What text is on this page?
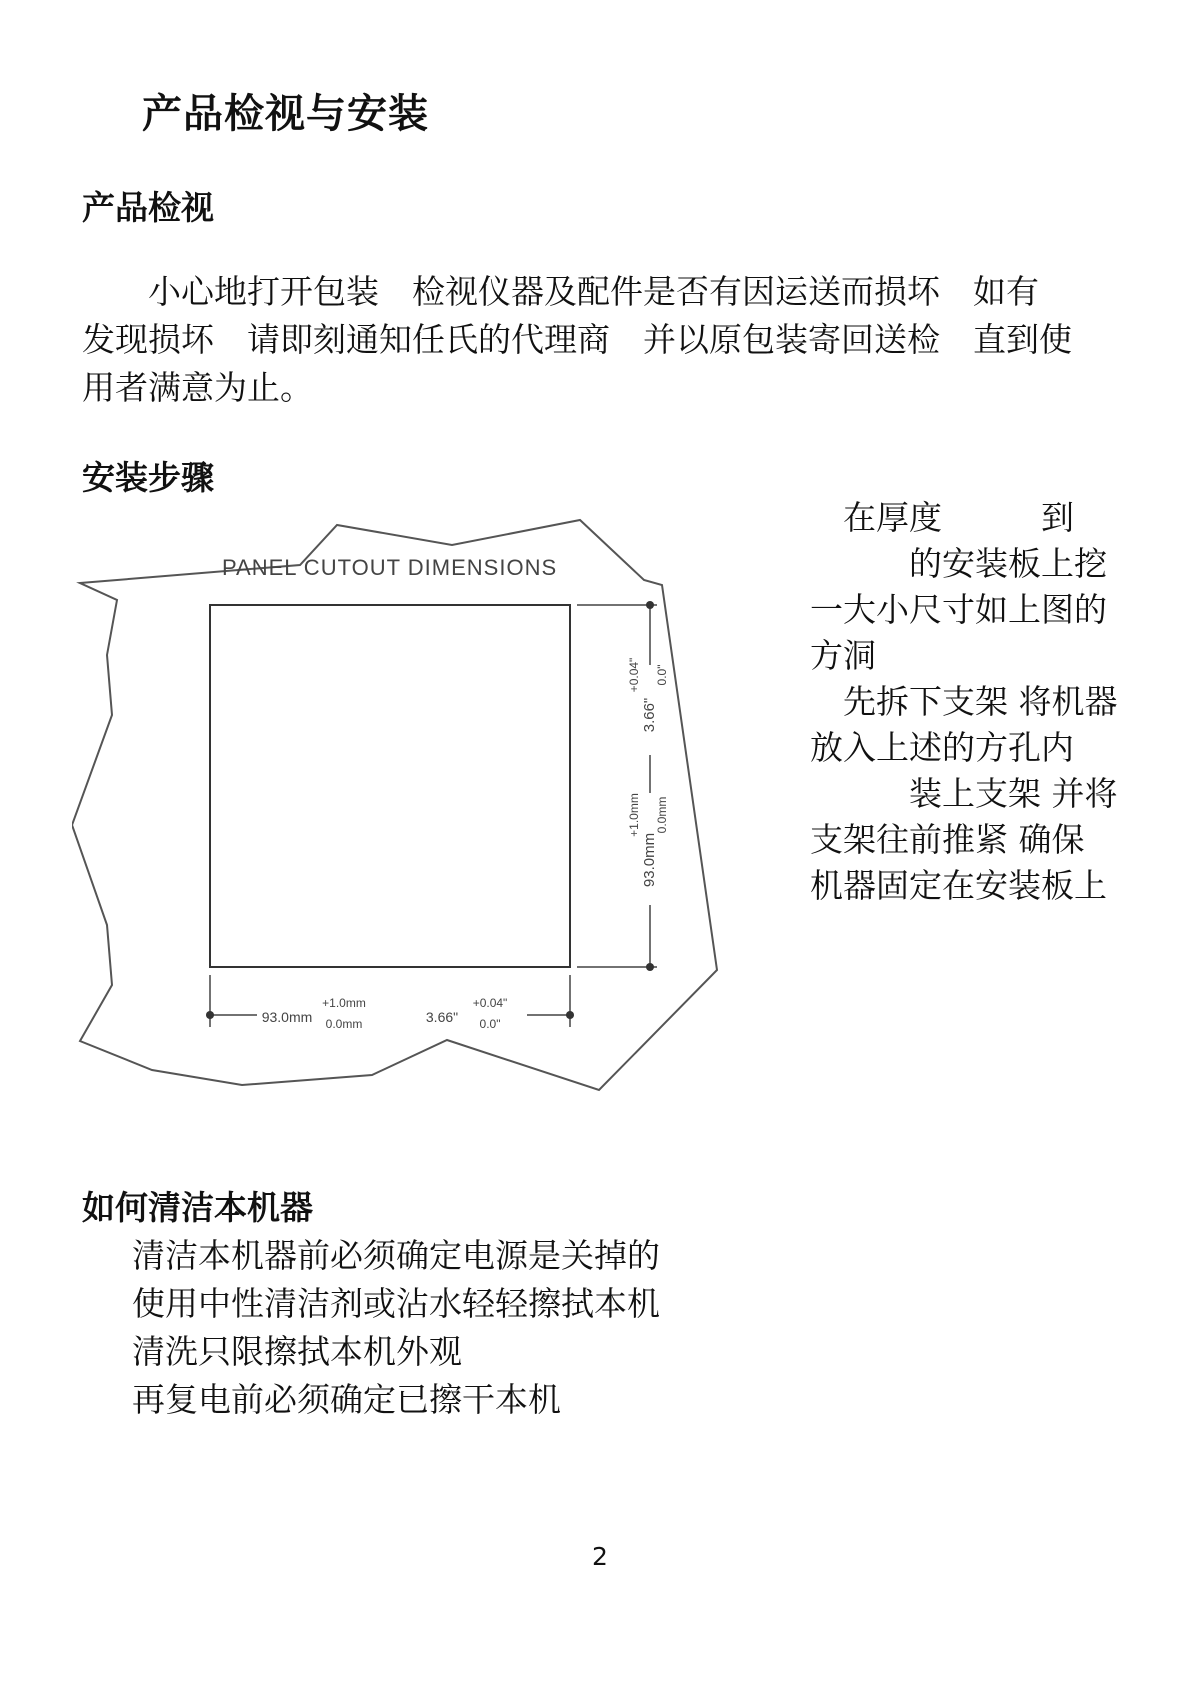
产品检视与安装
产品检视
　　小心地打开包装　检视仪器及配件是否有因运送而损坏　如有
发现损坏　请即刻通知任氏的代理商　并以原包装寄回送检　直到使
用者满意为止。
安装步骤
PANEL CUTOUT DIMENSIONS
3.66"
+0.04" 0.0"
93.0mm
+1.0mm 0.0mm
93.0mm
+1.0mm
0.0mm	3.66"
+0.04"
0.0"
　在厚度　　　到
　　　的安装板上挖
一大小尺寸如上图的
方洞
　先拆下支架 将机器
放入上述的方孔内
　　　装上支架 并将
支架往前推紧 确保
机器固定在安装板上
如何清洁本机器
清洁本机器前必须确定电源是关掉的
使用中性清洁剂或沾水轻轻擦拭本机
清洗只限擦拭本机外观
再复电前必须确定已擦干本机
2
